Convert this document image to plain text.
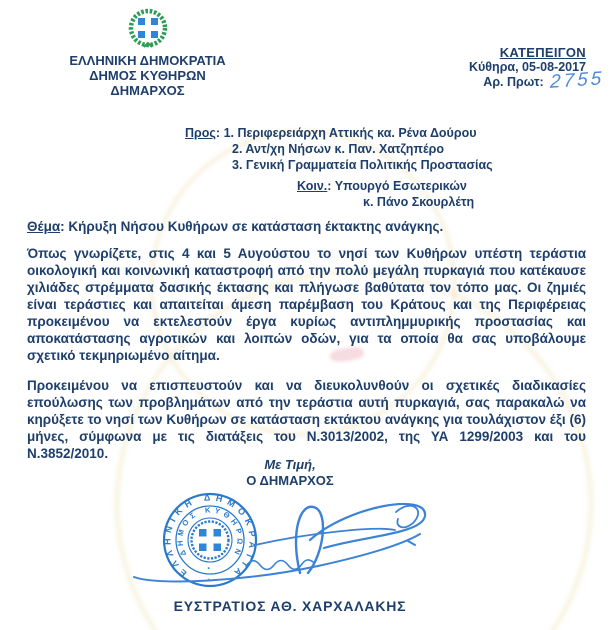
ΕΛΛΗΝΙΚΗ ΔΗΜΟΚΡΑΤΙΑ
ΔΗΜΟΣ ΚΥΘΗΡΩΝ
ΔΗΜΑΡΧΟΣ
ΚΑΤΕΠΕΙΓΟΝ
Κύθηρα, 05-08-2017
Αρ. Πρωτ: 2755
Προς: 1. Περιφερειάρχη Αττικής κα. Ρένα Δούρου
2. Αντ/χη Νήσων κ. Παν. Χατζηπέρο
3. Γενική Γραμματεία Πολιτικής Προστασίας
Κοιν.: Υπουργό Εσωτερικών
κ. Πάνο Σκουρλέτη
Θέμα: Κήρυξη Νήσου Κυθήρων σε κατάσταση έκτακτης ανάγκης.
Όπως γνωρίζετε, στις 4 και 5 Αυγούστου το νησί των Κυθήρων υπέστη τεράστια οικολογική και κοινωνική καταστροφή από την πολύ μεγάλη πυρκαγιά που κατέκαυσε χιλιάδες στρέμματα δασικής έκτασης και πλήγωσε βαθύτατα τον τόπο μας. Οι ζημιές είναι τεράστιες και απαιτείται άμεση παρέμβαση του Κράτους και της Περιφέρειας προκειμένου να εκτελεστούν έργα κυρίως αντιπλημμυρικής προστασίας και αποκατάστασης αγροτικών και λοιπών οδών, για τα οποία θα σας υποβάλουμε σχετικό τεκμηριωμένο αίτημα.
Προκειμένου να επισπευστούν και να διευκολυνθούν οι σχετικές διαδικασίες επούλωσης των προβλημάτων από την τεράστια αυτή πυρκαγιά, σας παρακαλώ να κηρύξετε το νησί των Κυθήρων σε κατάσταση εκτάκτου ανάγκης για τουλάχιστον έξι (6) μήνες, σύμφωνα με τις διατάξεις του Ν.3013/2002, της ΥΑ 1299/2003 και του Ν.3852/2010.
Με Τιμή,
Ο ΔΗΜΑΡΧΟΣ
ΕΛΛΗΝΙΚΗ ΔΗΜΟΚΡΑΤΙΑ
ΔΗΜΟΣ ΚΥΘΗΡΩΝ
*
*
ΕΥΣΤΡΑΤΙΟΣ ΑΘ. ΧΑΡΧΑΛΑΚΗΣ
